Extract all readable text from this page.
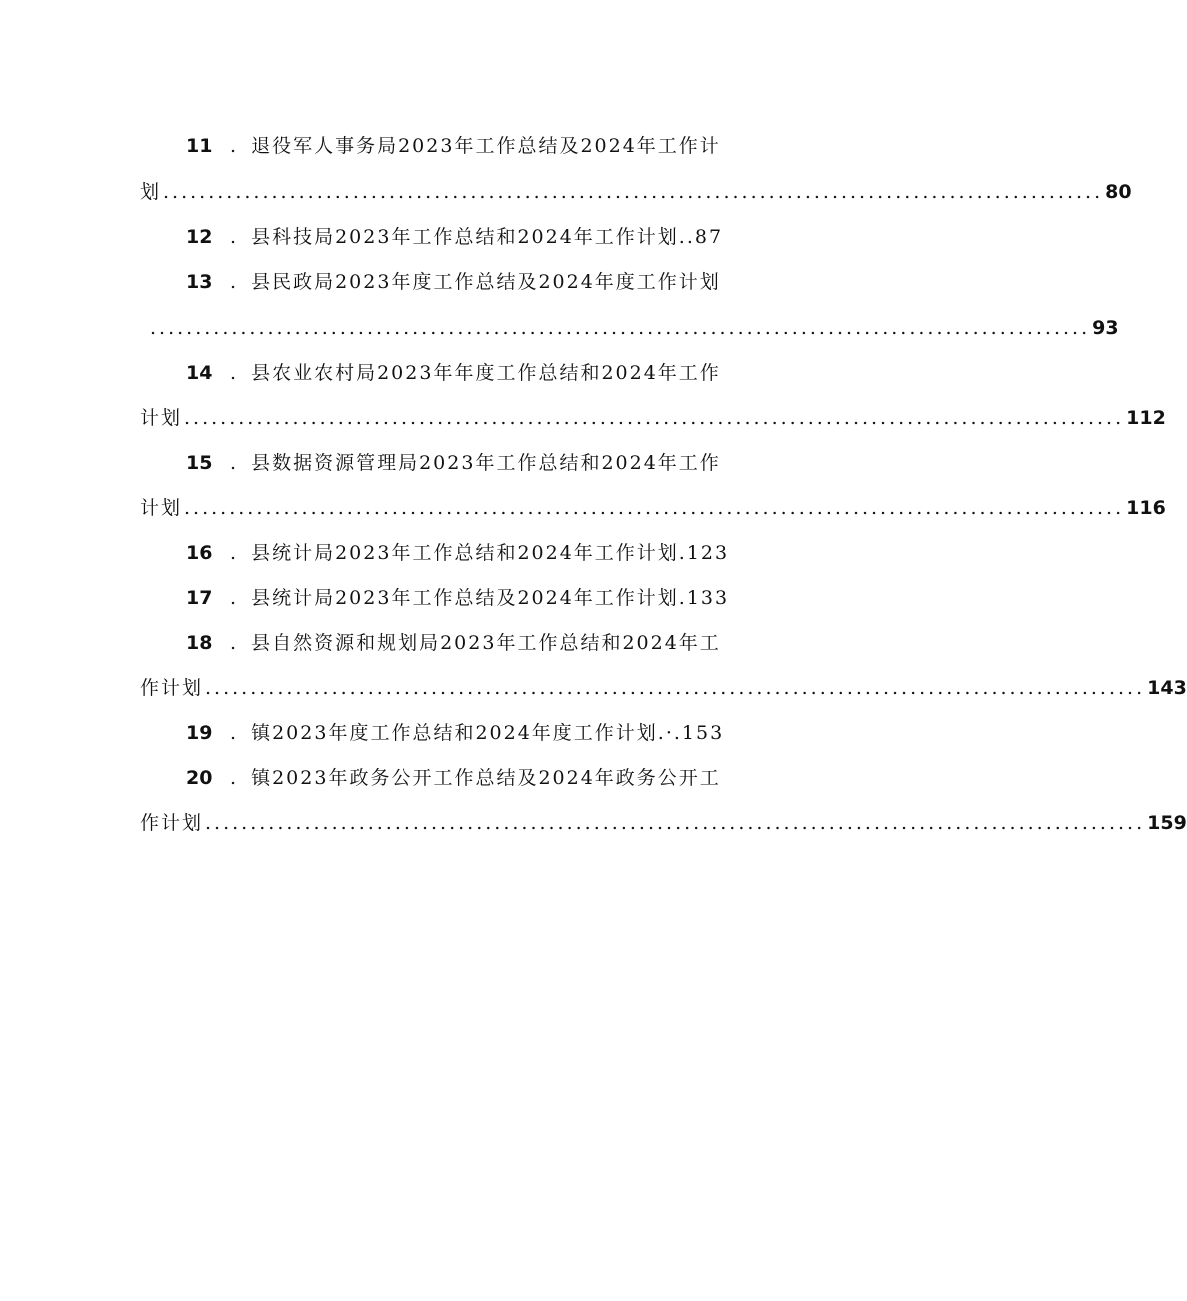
11 . 退役军人事务局2023年工作总结及2024年工作计
划 ........................................................................................................ 80
12 . 县科技局2023年工作总结和2024年工作计划..87
13 . 县民政局2023年度工作总结及2024年度工作计划
........................................................................................................ 93
14 . 县农业农村局2023年年度工作总结和2024年工作
计划 ........................................................................................................ 112
15 . 县数据资源管理局2023年工作总结和2024年工作
计划 ........................................................................................................ 116
16 . 县统计局2023年工作总结和2024年工作计划.123
17 . 县统计局2023年工作总结及2024年工作计划.133
18 . 县自然资源和规划局2023年工作总结和2024年工
作计划 ........................................................................................................ 143
19 . 镇2023年度工作总结和2024年度工作计划.·.153
20 . 镇2023年政务公开工作总结及2024年政务公开工
作计划 ........................................................................................................ 159
